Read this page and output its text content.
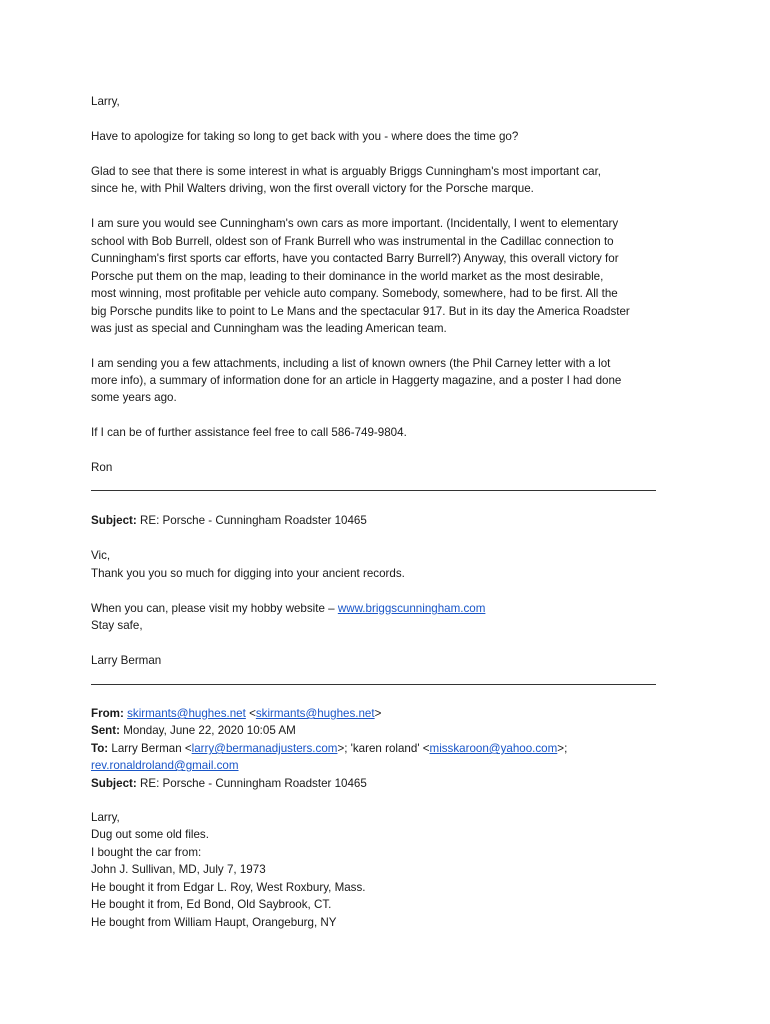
Larry,
Have to apologize for taking so long to get back with you - where does the time go?
Glad to see that there is some interest in what is arguably Briggs Cunningham's most important car,
since he, with Phil Walters driving, won the first overall victory for the Porsche marque.
I am sure you would see Cunningham's own cars as more important. (Incidentally, I went to elementary
school with Bob Burrell, oldest son of Frank Burrell who was instrumental in the Cadillac connection to
Cunningham's first sports car efforts, have you contacted Barry Burrell?) Anyway, this overall victory for
Porsche put them on the map, leading to their dominance in the world market as the most desirable,
most winning, most profitable per vehicle auto company. Somebody, somewhere, had to be first. All the
big Porsche pundits like to point to Le Mans and the spectacular 917. But in its day the America Roadster
was just as special and Cunningham was the leading American team.
I am sending you a few attachments, including a list of known owners (the Phil Carney letter with a lot
more info), a summary of information done for an article in Haggerty magazine, and a poster I had done
some years ago.
If I can be of further assistance feel free to call 586-749-9804.
Ron
Subject: RE: Porsche - Cunningham Roadster 10465
Vic,
Thank you you so much for digging into your ancient records.
When you can, please visit my hobby website – www.briggscunningham.com
Stay safe,
Larry Berman
From: skirmants@hughes.net <skirmants@hughes.net>
Sent: Monday, June 22, 2020 10:05 AM
To: Larry Berman <larry@bermanadjusters.com>; 'karen roland' <misskaroon@yahoo.com>;
rev.ronaldroland@gmail.com
Subject: RE: Porsche - Cunningham Roadster 10465
Larry,
Dug out some old files.
I bought the car from:
John J. Sullivan, MD, July 7, 1973
He bought it from Edgar L. Roy, West Roxbury, Mass.
He bought it from, Ed Bond, Old Saybrook, CT.
He bought from William Haupt, Orangeburg, NY
